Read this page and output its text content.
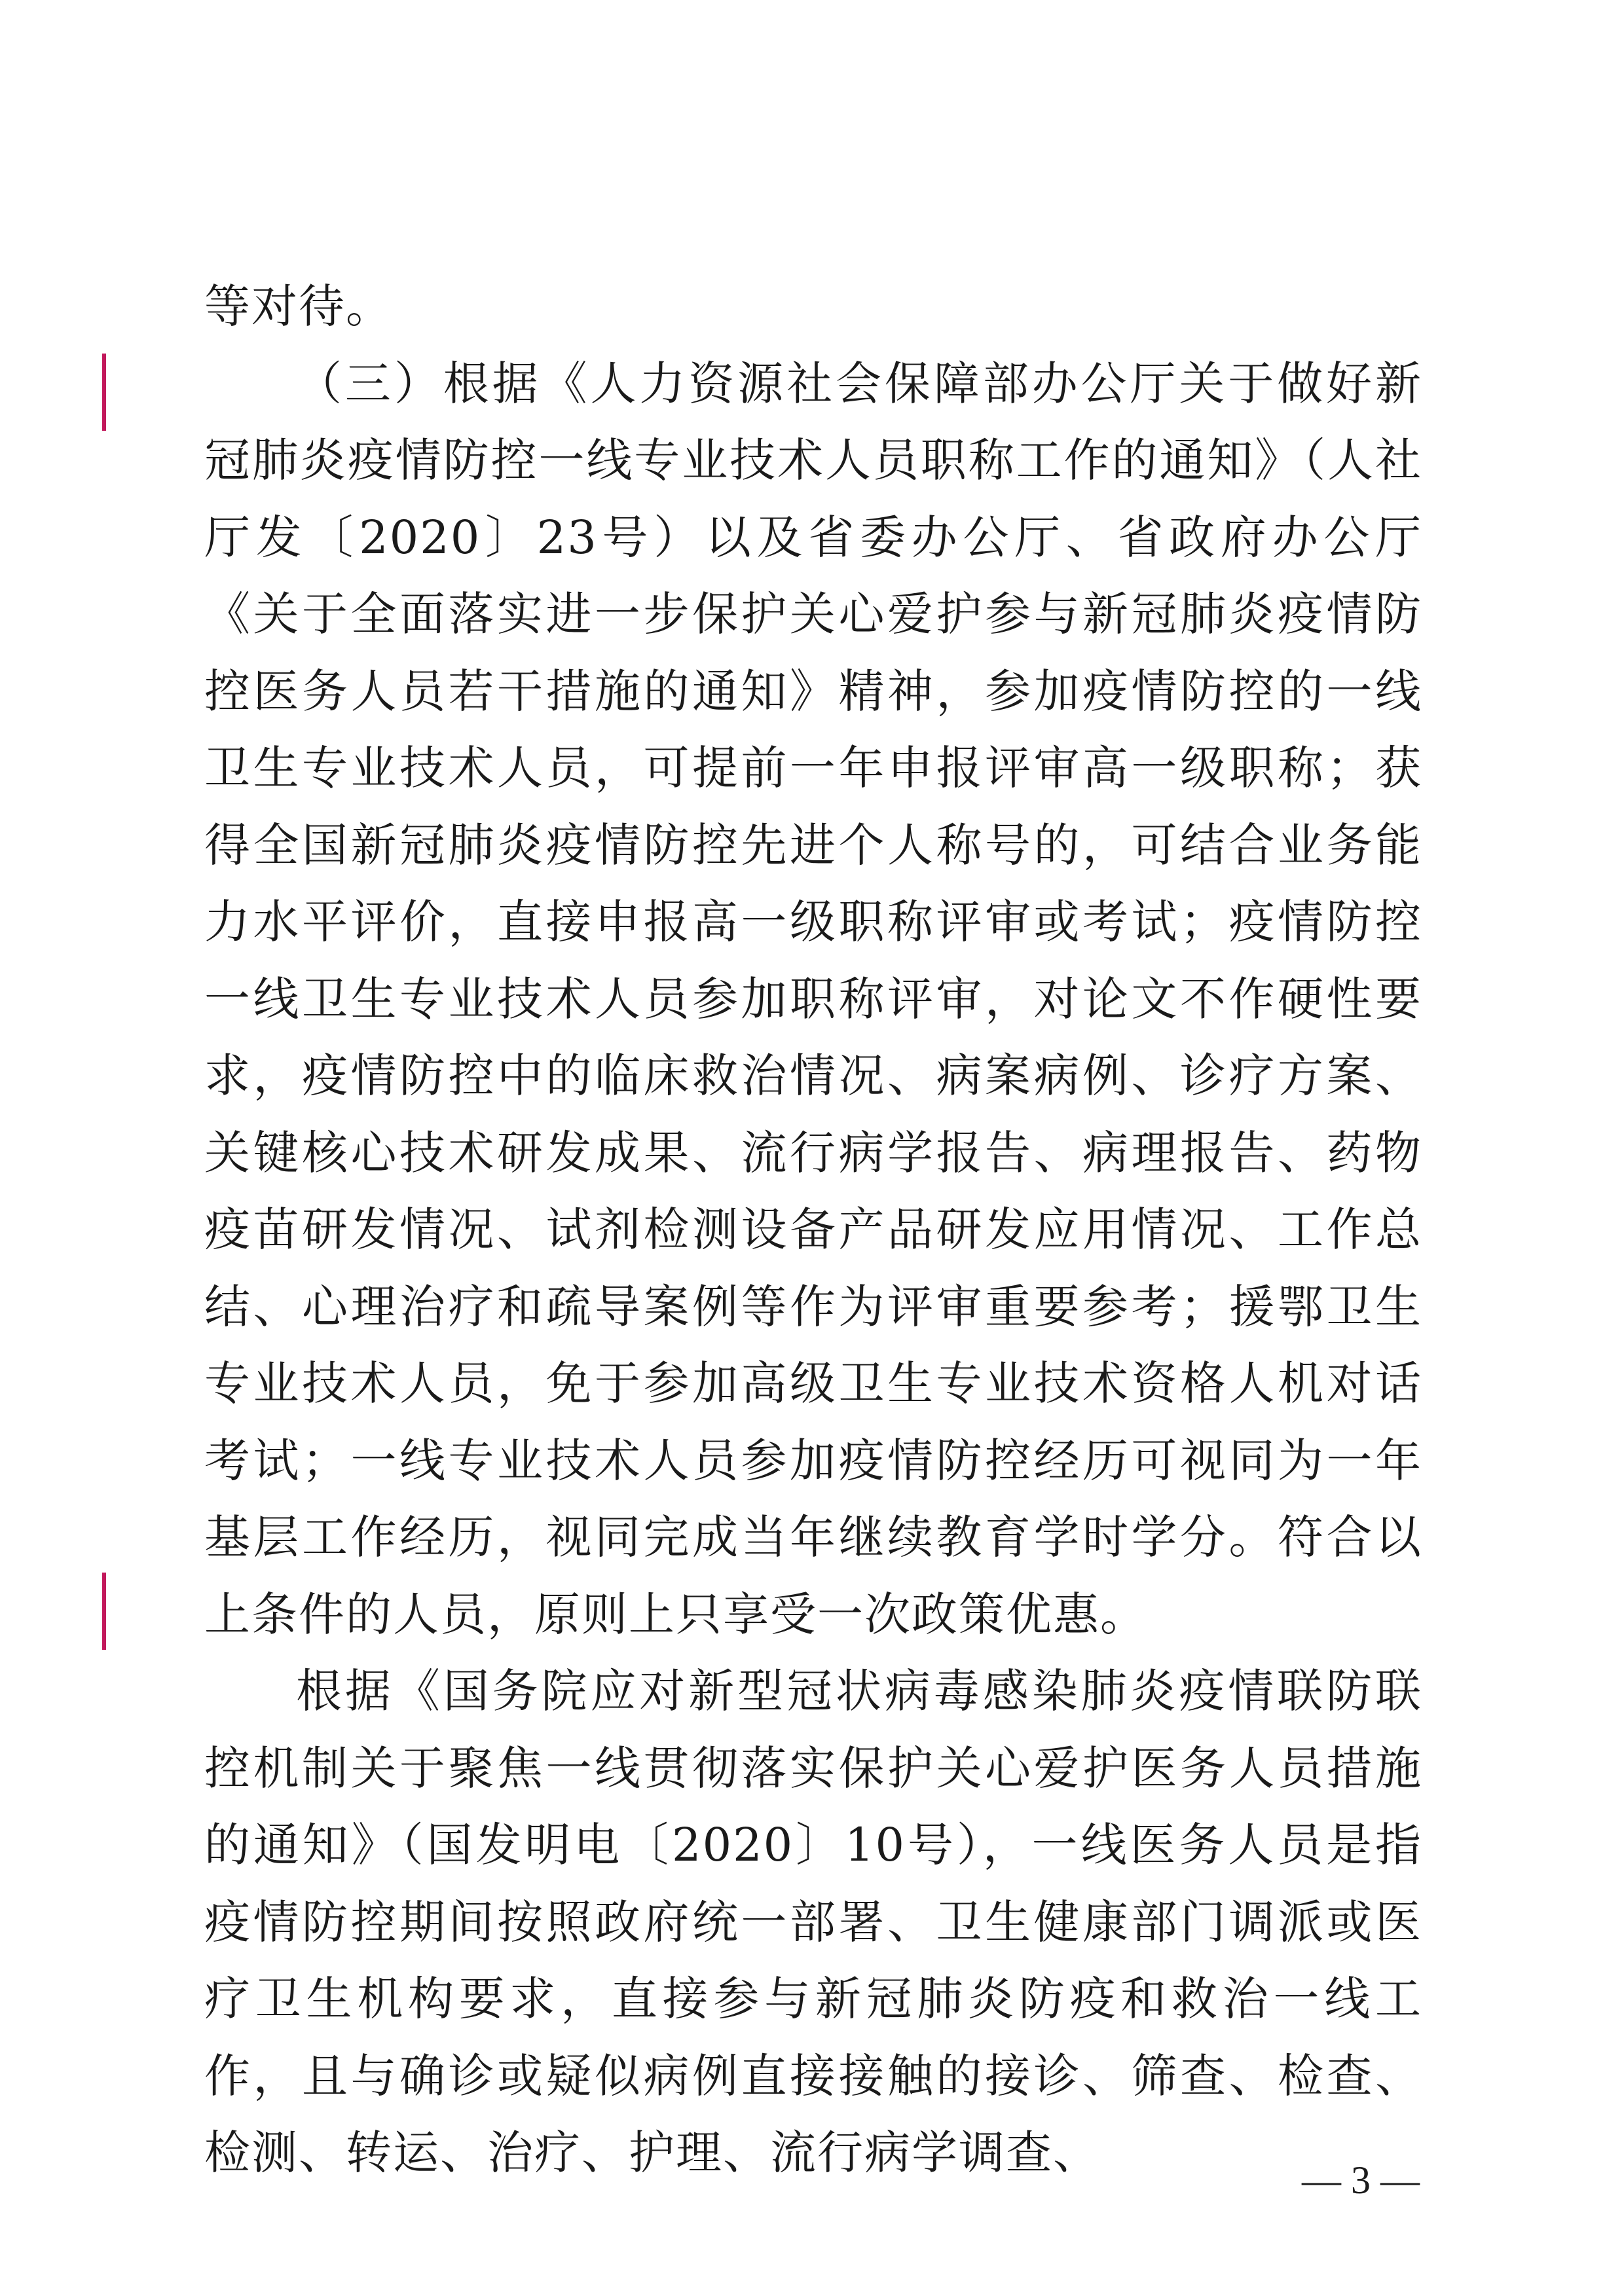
等对待。

（三）根据《人力资源社会保障部办公厅关于做好新冠肺炎疫情防控一线专业技术人员职称工作的通知》（人社厅发〔2020〕23号）以及省委办公厅、省政府办公厅《关于全面落实进一步保护关心爱护参与新冠肺炎疫情防控医务人员若干措施的通知》精神，参加疫情防控的一线卫生专业技术人员，可提前一年申报评审高一级职称；获得全国新冠肺炎疫情防控先进个人称号的，可结合业务能力水平评价，直接申报高一级职称评审或考试；疫情防控一线卫生专业技术人员参加职称评审，对论文不作硬性要求，疫情防控中的临床救治情况、病案病例、诊疗方案、关键核心技术研发成果、流行病学报告、病理报告、药物疫苗研发情况、试剂检测设备产品研发应用情况、工作总结、心理治疗和疏导案例等作为评审重要参考；援鄂卫生专业技术人员，免于参加高级卫生专业技术资格人机对话考试；一线专业技术人员参加疫情防控经历可视同为一年基层工作经历，视同完成当年继续教育学时学分。符合以上条件的人员，原则上只享受一次政策优惠。

根据《国务院应对新型冠状病毒感染肺炎疫情联防联控机制关于聚焦一线贯彻落实保护关心爱护医务人员措施的通知》（国发明电〔2020〕10号），一线医务人员是指疫情防控期间按照政府统一部署、卫生健康部门调派或医疗卫生机构要求，直接参与新冠肺炎防疫和救治一线工作，且与确诊或疑似病例直接接触的接诊、筛查、检查、检测、转运、治疗、护理、流行病学调查、

— 3 —
